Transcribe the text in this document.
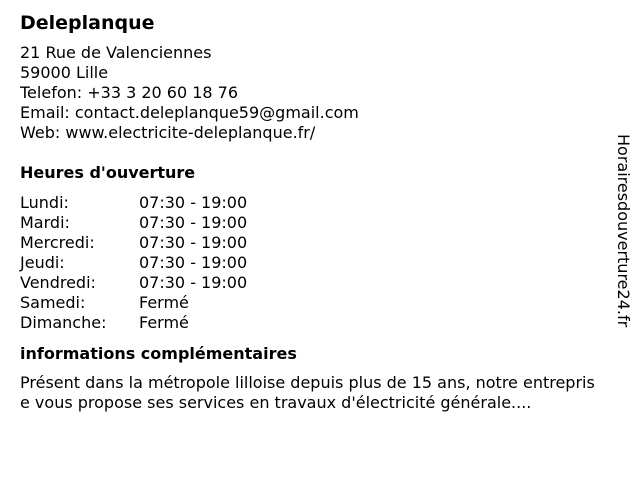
Deleplanque
21 Rue de Valenciennes
59000 Lille
Telefon: +33 3 20 60 18 76
Email: contact.deleplanque59@gmail.com
Web: www.electricite-deleplanque.fr/
Heures d'ouverture
Lundi:	07:30 - 19:00
Mardi:	07:30 - 19:00
Mercredi:	07:30 - 19:00
Jeudi:	07:30 - 19:00
Vendredi:	07:30 - 19:00
Samedi:	Fermé
Dimanche:	Fermé
informations complémentaires
Présent dans la métropole lilloise depuis plus de 15 ans, notre entreprise vous propose ses services en travaux d'électricité générale....
Horairesdouverture24.fr
